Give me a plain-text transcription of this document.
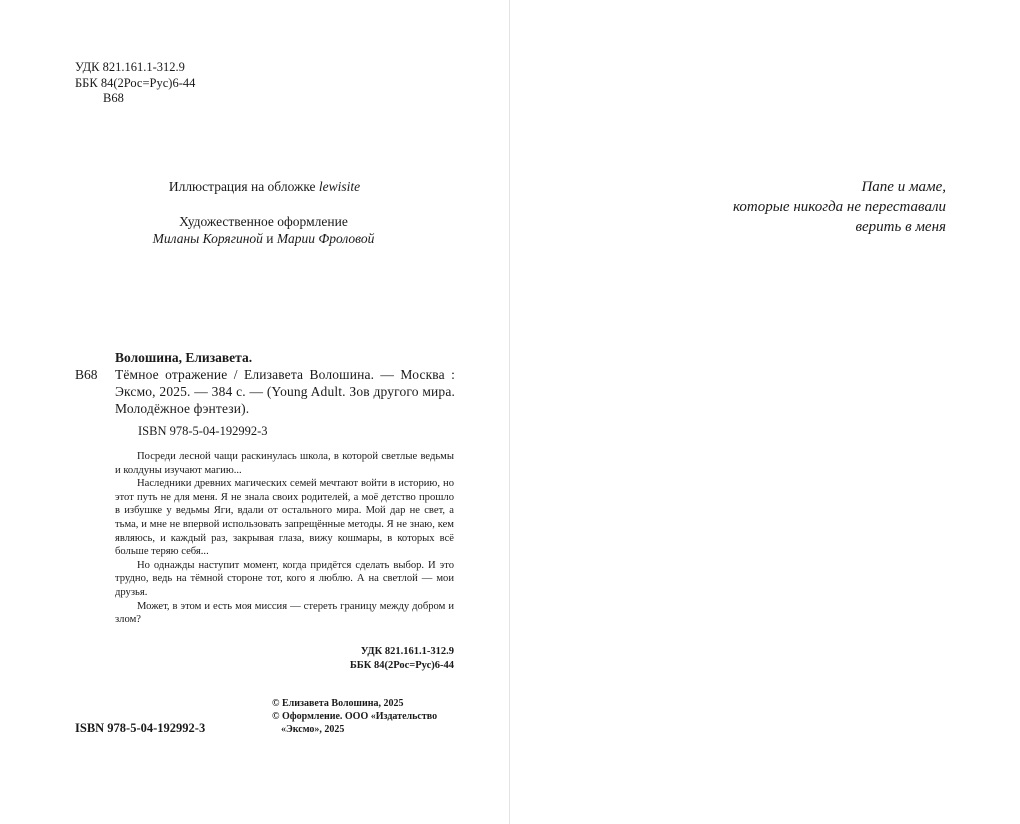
УДК 821.161.1-312.9
ББК 84(2Рос=Рус)6-44
В68
Иллюстрация на обложке lewisite
Художественное оформление
Миланы Корягиной и Марии Фроловой
Волошина, Елизавета.
В68	Тёмное отражение / Елизавета Волошина. — Москва : Эксмо, 2025. — 384 с. — (Young Adult. Зов другого мира. Молодёжное фэнтези).
ISBN 978-5-04-192992-3

Посреди лесной чащи раскинулась школа, в которой светлые ведьмы и колдуны изучают магию...

Наследники древних магических семей мечтают войти в историю, но этот путь не для меня. Я не знала своих родителей, а моё детство прошло в избушке у ведьмы Яги, вдали от остального мира. Мой дар не свет, а тьма, и мне не впервой использовать запрещённые методы. Я не знаю, кем являюсь, и каждый раз, закрывая глаза, вижу кошмары, в которых всё больше теряю себя...

Но однажды наступит момент, когда придётся сделать выбор. И это трудно, ведь на тёмной стороне тот, кого я люблю. А на светлой — мои друзья.

Может, в этом и есть моя миссия — стереть границу между добром и злом?

УДК 821.161.1-312.9
ББК 84(2Рос=Рус)6-44
© Елизавета Волошина, 2025
© Оформление. ООО «Издательство
«Эксмо», 2025
ISBN 978-5-04-192992-3
Папе и маме,
которые никогда не переставали
верить в меня
